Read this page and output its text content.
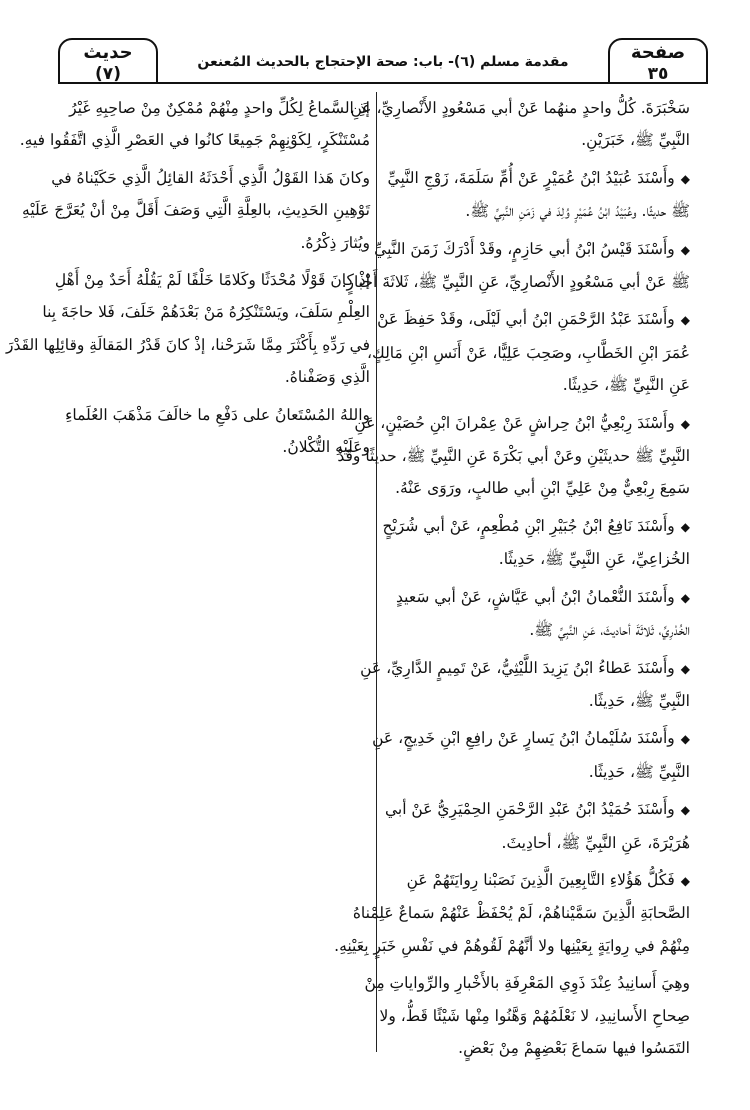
صفحة
٣٥
مقدمة مسلم (٦)- باب: صحة الإحتجاج بالحديث المُعنعن
حديث
(٧)
سَخْبَرَةَ. كُلُّ واحدٍ منهُما عَنْ أبي مَسْعُودٍ الأَنْصارِيِّ، عَنِ
النَّبِيِّ ﷺ، خَبَرَيْنِ.
◆وأَسْنَدَ عُبَيْدُ ابْنُ عُمَيْرٍ عَنْ أُمِّ سَلَمَةَ، زَوْجِ النَّبِيِّ
ﷺ حديثًا. وعُبَيْدُ ابْنُ عُمَيْرٍ وُلِدَ في زَمَنِ النَّبِيِّ ﷺ.
◆وأَسْنَدَ قَيْسُ ابْنُ أبي حَازِمٍ، وقَدْ أَدْرَكَ زَمَنَ النَّبِيِّ
ﷺ عَنْ أبي مَسْعُودٍ الأَنْصارِيِّ، عَنِ النَّبِيِّ ﷺ، ثَلاثَةَ أَخْبارٍ.
◆وأَسْنَدَ عَبْدُ الرَّحْمَنِ ابْنُ أبي لَيْلَى، وقَدْ حَفِظَ عَنْ
عُمَرَ ابْنِ الخَطَّابِ، وصَحِبَ عَلِيًّا، عَنْ أَنَسِ ابْنِ مَالِكٍ،
عَنِ النَّبِيِّ ﷺ، حَدِيثًا.
◆وأَسْنَدَ رِبْعِيُّ ابْنُ حِراشٍ عَنْ عِمْرانَ ابْنِ حُصَيْنٍ، عَنِ
النَّبِيِّ ﷺ حديثَيْنِ وعَنْ أبي بَكْرَةَ عَنِ النَّبِيِّ ﷺ، حديثًا وقَدْ
سَمِعَ رِبْعِيٌّ مِنْ عَلِيِّ ابْنِ أبي طالبٍ، ورَوَى عَنْهُ.
◆وأَسْنَدَ نَافِعُ ابْنُ جُبَيْرِ ابْنِ مُطْعِمٍ، عَنْ أبي شُرَيْحٍ
الخُزاعِيِّ، عَنِ النَّبِيِّ ﷺ، حَدِيثًا.
◆وأَسْنَدَ النُّعْمانُ ابْنُ أبي عَيَّاشٍ، عَنْ أبي سَعيدٍ
الخُدْرِيِّ، ثَلاثَةَ أحاديثَ، عَنِ النَّبِيِّ ﷺ.
◆وأَسْنَدَ عَطاءُ ابْنُ يَزِيدَ اللَّيْثِيُّ، عَنْ تَمِيمٍ الدَّارِيِّ، عَنِ
النَّبِيِّ ﷺ، حَدِيثًا.
◆وأَسْنَدَ سُلَيْمانُ ابْنُ يَسارٍ عَنْ رافِعِ ابْنِ خَدِيجٍ، عَنِ
النَّبِيِّ ﷺ، حَدِيثًا.
◆وأَسْنَدَ حُمَيْدُ ابْنُ عَبْدِ الرَّحْمَنِ الحِمْيَرِيُّ عَنْ أبي
هُرَيْرَةَ، عَنِ النَّبِيِّ ﷺ، أحادِيثَ.
◆فَكُلُّ هَؤُلاءِ التَّابِعِينَ الَّذِينَ نَصَبْنا رِوايَتَهُمْ عَنِ
الصَّحابَةِ الَّذِينَ سَمَّيْناهُمْ، لَمْ يُحْفَظْ عَنْهُمْ سَماعٌ عَلِمْناهُ
مِنْهُمْ في رِوايَةٍ بِعَيْنِها ولا أنَّهُمْ لَقُوهُمْ في نَفْسِ خَبَرٍ بِعَيْنِهِ.
وهِيَ أَسانِيدُ عِنْدَ ذَوِي المَعْرِفَةِ بالأَخْبارِ والرِّواياتِ مِنْ
صِحاحِ الأَسانِيدِ، لا نَعْلَمُهُمْ وَهَّنُوا مِنْها شَيْئًا قَطُّ، ولا
التَمَسُوا فيها سَماعَ بَعْضِهِمْ مِنْ بَعْضٍ.
إذِ السَّماعُ لِكُلِّ واحدٍ مِنْهُمْ مُمْكِنٌ مِنْ صاحِبِهِ غَيْرُ
مُسْتَنْكَرٍ، لِكَوْنِهِمْ جَمِيعًا كانُوا في العَصْرِ الَّذِي اتَّفَقُوا فيهِ.
وكانَ هَذا القَوْلُ الَّذِي أَحْدَثَهُ القائِلُ الَّذِي حَكَيْناهُ في
تَوْهِينِ الحَدِيثِ، بالعِلَّةِ الَّتِي وَصَفَ أَقَلَّ مِنْ أنْ يُعَرَّجَ عَلَيْهِ
ويُثارَ ذِكْرُهُ.
إذْ كانَ قَوْلًا مُحْدَثًا وكَلامًا خَلْفًا لَمْ يَقُلْهُ أَحَدٌ مِنْ أَهْلِ
العِلْمِ سَلَفَ، ويَسْتَنْكِرُهُ مَنْ بَعْدَهُمْ خَلَفَ، فَلا حاجَةَ بِنا
في رَدِّهِ بِأَكْثَرَ مِمَّا شَرَحْنا، إذْ كانَ قَدْرُ المَقالَةِ وقائِلِها القَدْرَ
الَّذِي وَصَفْناهُ.
واللهُ المُسْتَعانُ على دَفْعِ ما خالَفَ مَذْهَبَ العُلَماءِ
وعَلَيْهِ التُّكْلانُ.
